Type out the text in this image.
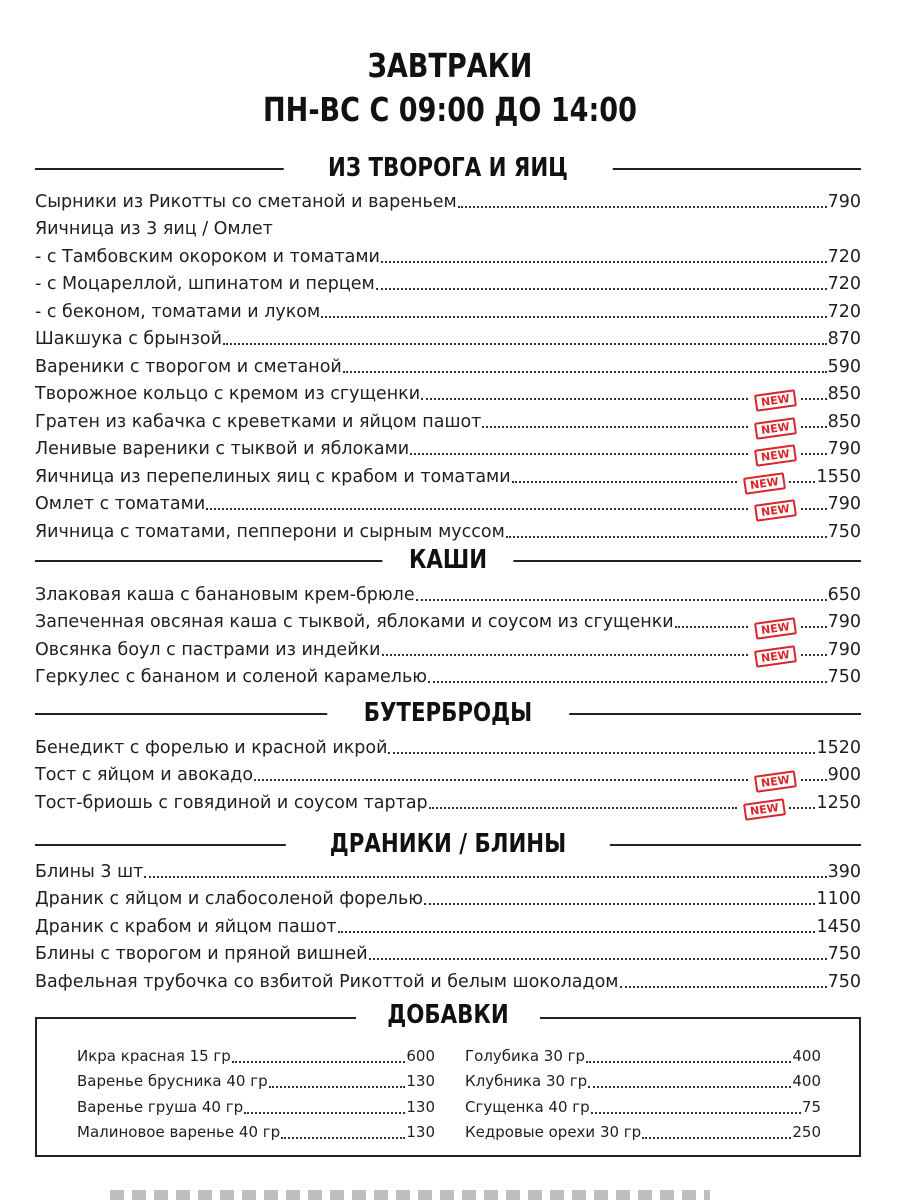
ЗАВТРАКИ
ПН-ВС С 09:00 ДО 14:00
ИЗ ТВОРОГА И ЯИЦ
Сырники из Рикотты со сметаной и вареньем	790
Яичница из 3 яиц / Омлет
- с Тамбовским окороком и томатами	720
- с Моцареллой, шпинатом и перцем	720
- с беконом, томатами и луком	720
Шакшука с брынзой	870
Вареники с творогом и сметаной	590
Творожное кольцо с кремом из сгущенки	NEW	850
Гратен из кабачка с креветками и яйцом пашот	NEW	850
Ленивые вареники с тыквой и яблоками	NEW	790
Яичница из перепелиных яиц с крабом и томатами	NEW	1550
Омлет с томатами	NEW	790
Яичница с томатами, пепперони и сырным муссом	750
КАШИ
Злаковая каша с банановым крем-брюле	650
Запеченная овсяная каша с тыквой, яблоками и соусом из сгущенки	NEW	790
Овсянка боул с пастрами из индейки	NEW	790
Геркулес с бананом и соленой карамелью	750
БУТЕРБРОДЫ
Бенедикт с форелью и красной икрой	1520
Тост с яйцом и авокадо	NEW	900
Тост-бриошь с говядиной и соусом тартар	NEW	1250
ДРАНИКИ / БЛИНЫ
Блины 3 шт	390
Драник с яйцом и слабосоленой форелью	1100
Драник с крабом и яйцом пашот	1450
Блины с творогом и пряной вишней	750
Вафельная трубочка со взбитой Рикоттой и белым шоколадом	750
ДОБАВКИ
Икра красная 15 гр	600
Варенье брусника 40 гр	130
Варенье груша 40 гр	130
Малиновое варенье 40 гр	130
Голубика 30 гр	400
Клубника 30 гр	400
Сгущенка 40 гр	75
Кедровые орехи 30 гр	250
